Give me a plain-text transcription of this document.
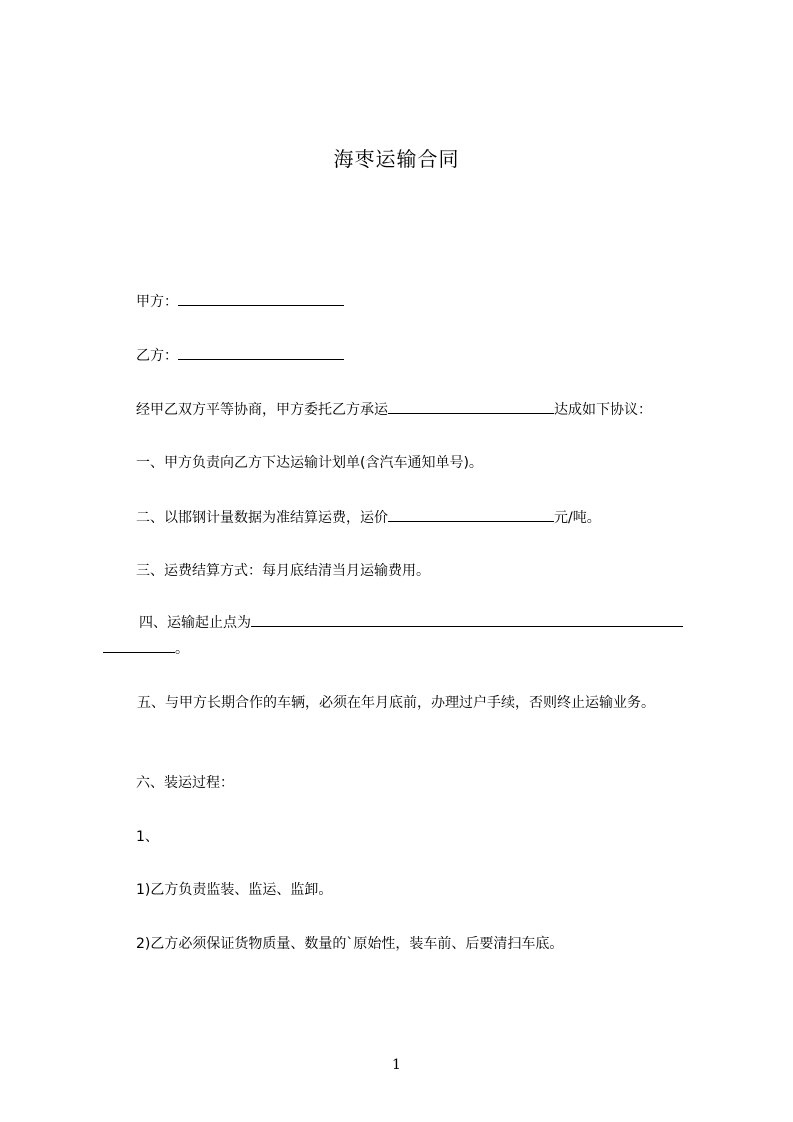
海枣运输合同
甲方：
乙方：
经甲乙双方平等协商，甲方委托乙方承运	达成如下协议：
一、甲方负责向乙方下达运输计划单(含汽车通知单号)。
二、以邯钢计量数据为准结算运费，运价	元/吨。
三、运费结算方式：每月底结清当月运输费用。
四、运输起止点为
。
五、与甲方长期合作的车辆，必须在年月底前，办理过户手续，否则终止运输业务。
六、装运过程：
1、
1)乙方负责监装、监运、监卸。
2)乙方必须保证货物质量、数量的`原始性，装车前、后要清扫车底。
1
